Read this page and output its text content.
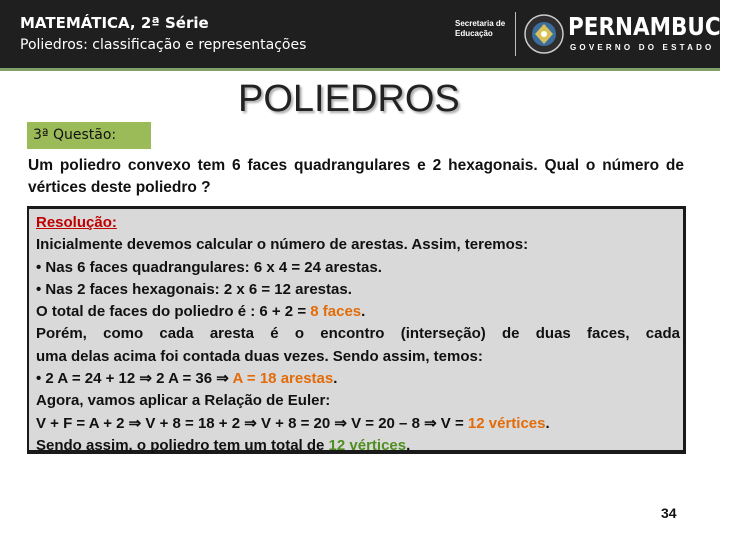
MATEMÁTICA, 2ª Série
Poliedros: classificação e representações
Secretaria de Educação	PERNAMBUCO
GOVERNO DO ESTADO
POLIEDROS
3ª Questão:
Um poliedro convexo tem 6 faces quadrangulares e 2 hexagonais. Qual o número de vértices deste poliedro ?
Resolução:
Inicialmente devemos calcular o número de arestas. Assim, teremos:
• Nas 6 faces quadrangulares: 6 x 4 = 24 arestas.
• Nas 2 faces hexagonais: 2 x 6 = 12 arestas.
O total de faces do poliedro é : 6 + 2 = 8 faces.
Porém, como cada aresta é o encontro (interseção) de duas faces, cada
uma delas acima foi contada duas vezes. Sendo assim, temos:
• 2 A = 24 + 12 ⇒ 2 A = 36 ⇒ A = 18 arestas.
Agora, vamos aplicar a Relação de Euler:
V + F = A + 2 ⇒ V + 8 = 18 + 2 ⇒ V + 8 = 20 ⇒ V = 20 – 8 ⇒ V = 12 vértices.
Sendo assim, o poliedro tem um total de 12 vértices.
34
